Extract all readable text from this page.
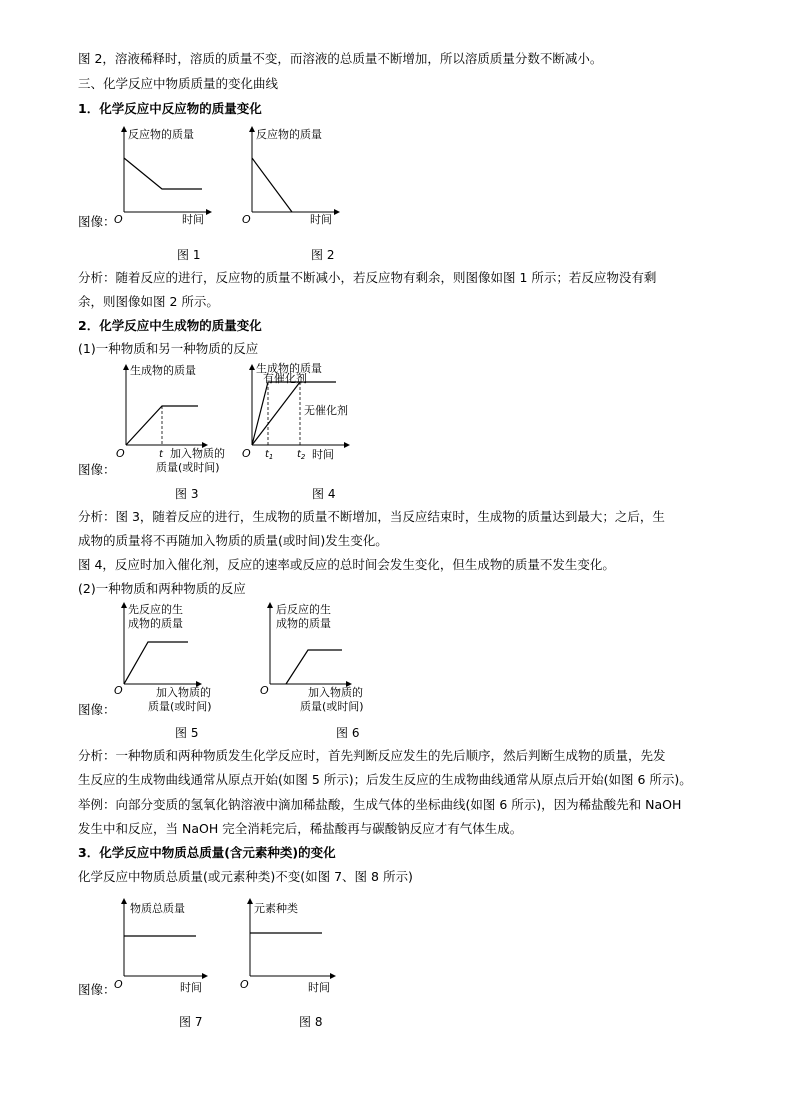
图 2，溶液稀释时，溶质的质量不变，而溶液的总质量不断增加，所以溶质质量分数不断减小。
三、化学反应中物质质量的变化曲线
1．化学反应中反应物的质量变化
图像：
反应物的质量
O	时间
图 1
反应物的质量
O	时间
图 2
分析：随着反应的进行，反应物的质量不断减小，若反应物有剩余，则图像如图 1 所示；若反应物没有剩
余，则图像如图 2 所示。
2．化学反应中生成物的质量变化
(1)一种物质和另一种物质的反应
图像：
生成物的质量
O	t 加入物质的
质量(或时间)
图 3
生成物的质量
有催化剂
无催化剂
O $t_1$ $t_2$ 时间
图 4
分析：图 3，随着反应的进行，生成物的质量不断增加，当反应结束时，生成物的质量达到最大；之后，生
成物的质量将不再随加入物质的质量(或时间)发生变化。
图 4，反应时加入催化剂，反应的速率或反应的总时间会发生变化，但生成物的质量不发生变化。
(2)一种物质和两种物质的反应
图像：
先反应的生
成物的质量
O	加入物质的
质量(或时间)
图 5
后反应的生
成物的质量
O	加入物质的
质量(或时间)
图 6
分析：一种物质和两种物质发生化学反应时，首先判断反应发生的先后顺序，然后判断生成物的质量，先发
生反应的生成物曲线通常从原点开始(如图 5 所示)；后发生反应的生成物曲线通常从原点后开始(如图 6 所示)。
举例：向部分变质的氢氧化钠溶液中滴加稀盐酸，生成气体的坐标曲线(如图 6 所示)，因为稀盐酸先和 NaOH
发生中和反应，当 NaOH 完全消耗完后，稀盐酸再与碳酸钠反应才有气体生成。
3．化学反应中物质总质量(含元素种类)的变化
化学反应中物质总质量(或元素种类)不变(如图 7、图 8 所示)
图像：
物质总质量
O	时间
图 7
元素种类
O	时间
图 8
